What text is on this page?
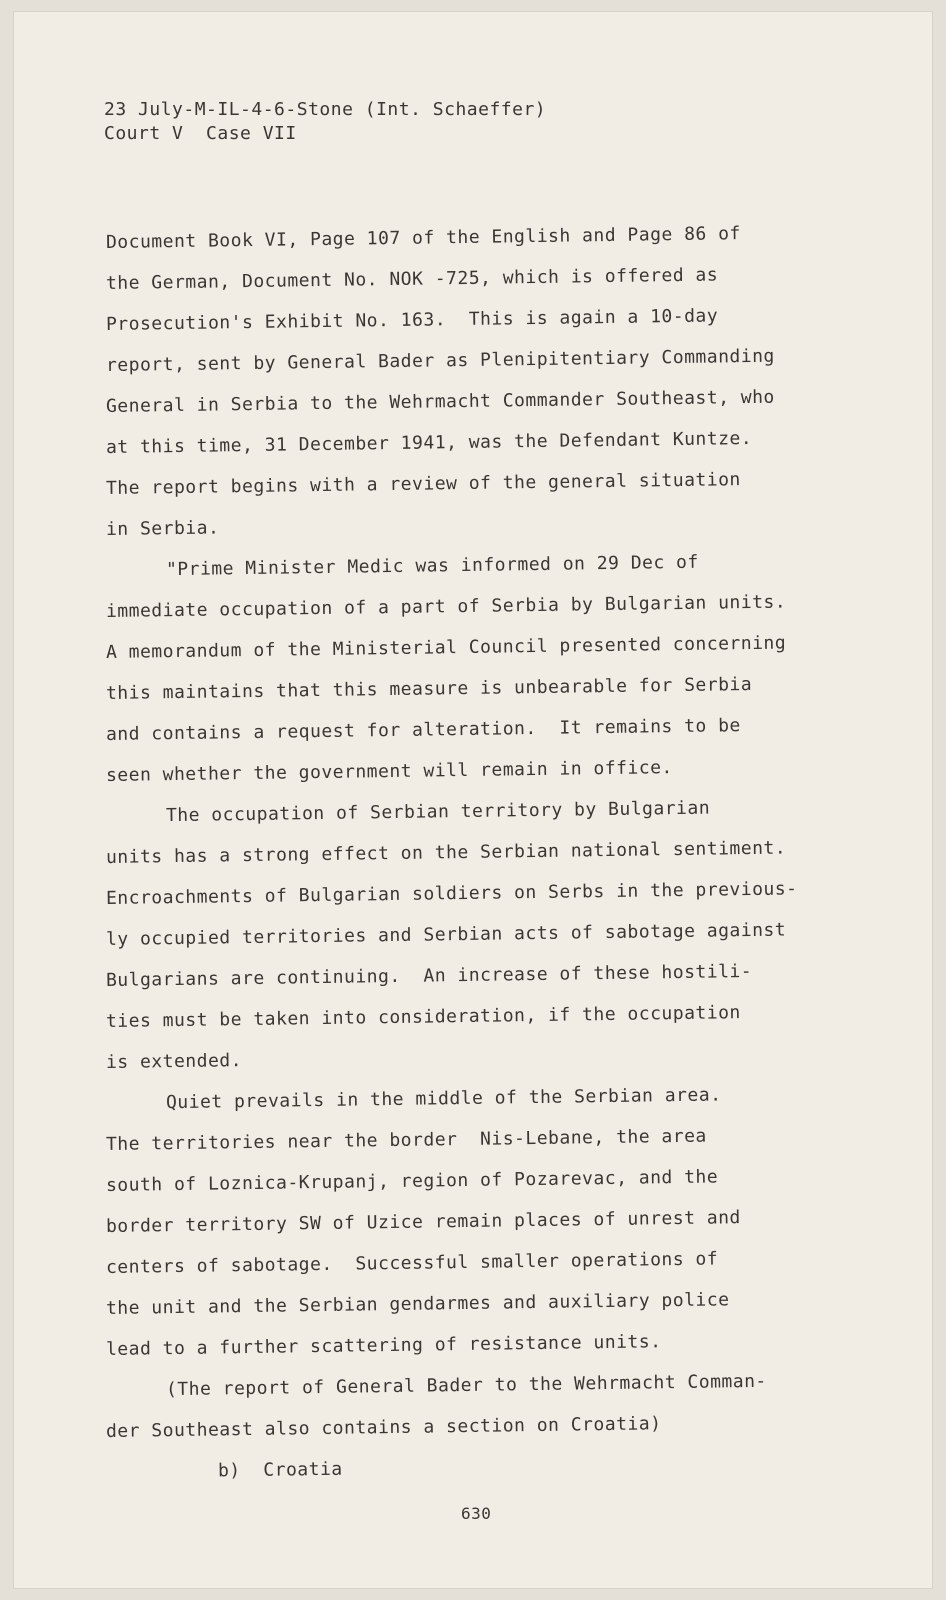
23 July-M-IL-4-6-Stone (Int. Schaeffer)
Court V  Case VII
Document Book VI, Page 107 of the English and Page 86 of
the German, Document No. NOK -725, which is offered as
Prosecution's Exhibit No. 163.  This is again a 10-day
report, sent by General Bader as Plenipitentiary Commanding
General in Serbia to the Wehrmacht Commander Southeast, who
at this time, 31 December 1941, was the Defendant Kuntze.
The report begins with a review of the general situation
in Serbia.
"Prime Minister Medic was informed on 29 Dec of
immediate occupation of a part of Serbia by Bulgarian units.
A memorandum of the Ministerial Council presented concerning
this maintains that this measure is unbearable for Serbia
and contains a request for alteration.  It remains to be
seen whether the government will remain in office.
The occupation of Serbian territory by Bulgarian
units has a strong effect on the Serbian national sentiment.
Encroachments of Bulgarian soldiers on Serbs in the previous-
ly occupied territories and Serbian acts of sabotage against
Bulgarians are continuing.  An increase of these hostili-
ties must be taken into consideration, if the occupation
is extended.
Quiet prevails in the middle of the Serbian area.
The territories near the border  Nis-Lebane, the area
south of Loznica-Krupanj, region of Pozarevac, and the
border territory SW of Uzice remain places of unrest and
centers of sabotage.  Successful smaller operations of
the unit and the Serbian gendarmes and auxiliary police
lead to a further scattering of resistance units.
(The report of General Bader to the Wehrmacht Comman-
der Southeast also contains a section on Croatia)
b)  Croatia
630
